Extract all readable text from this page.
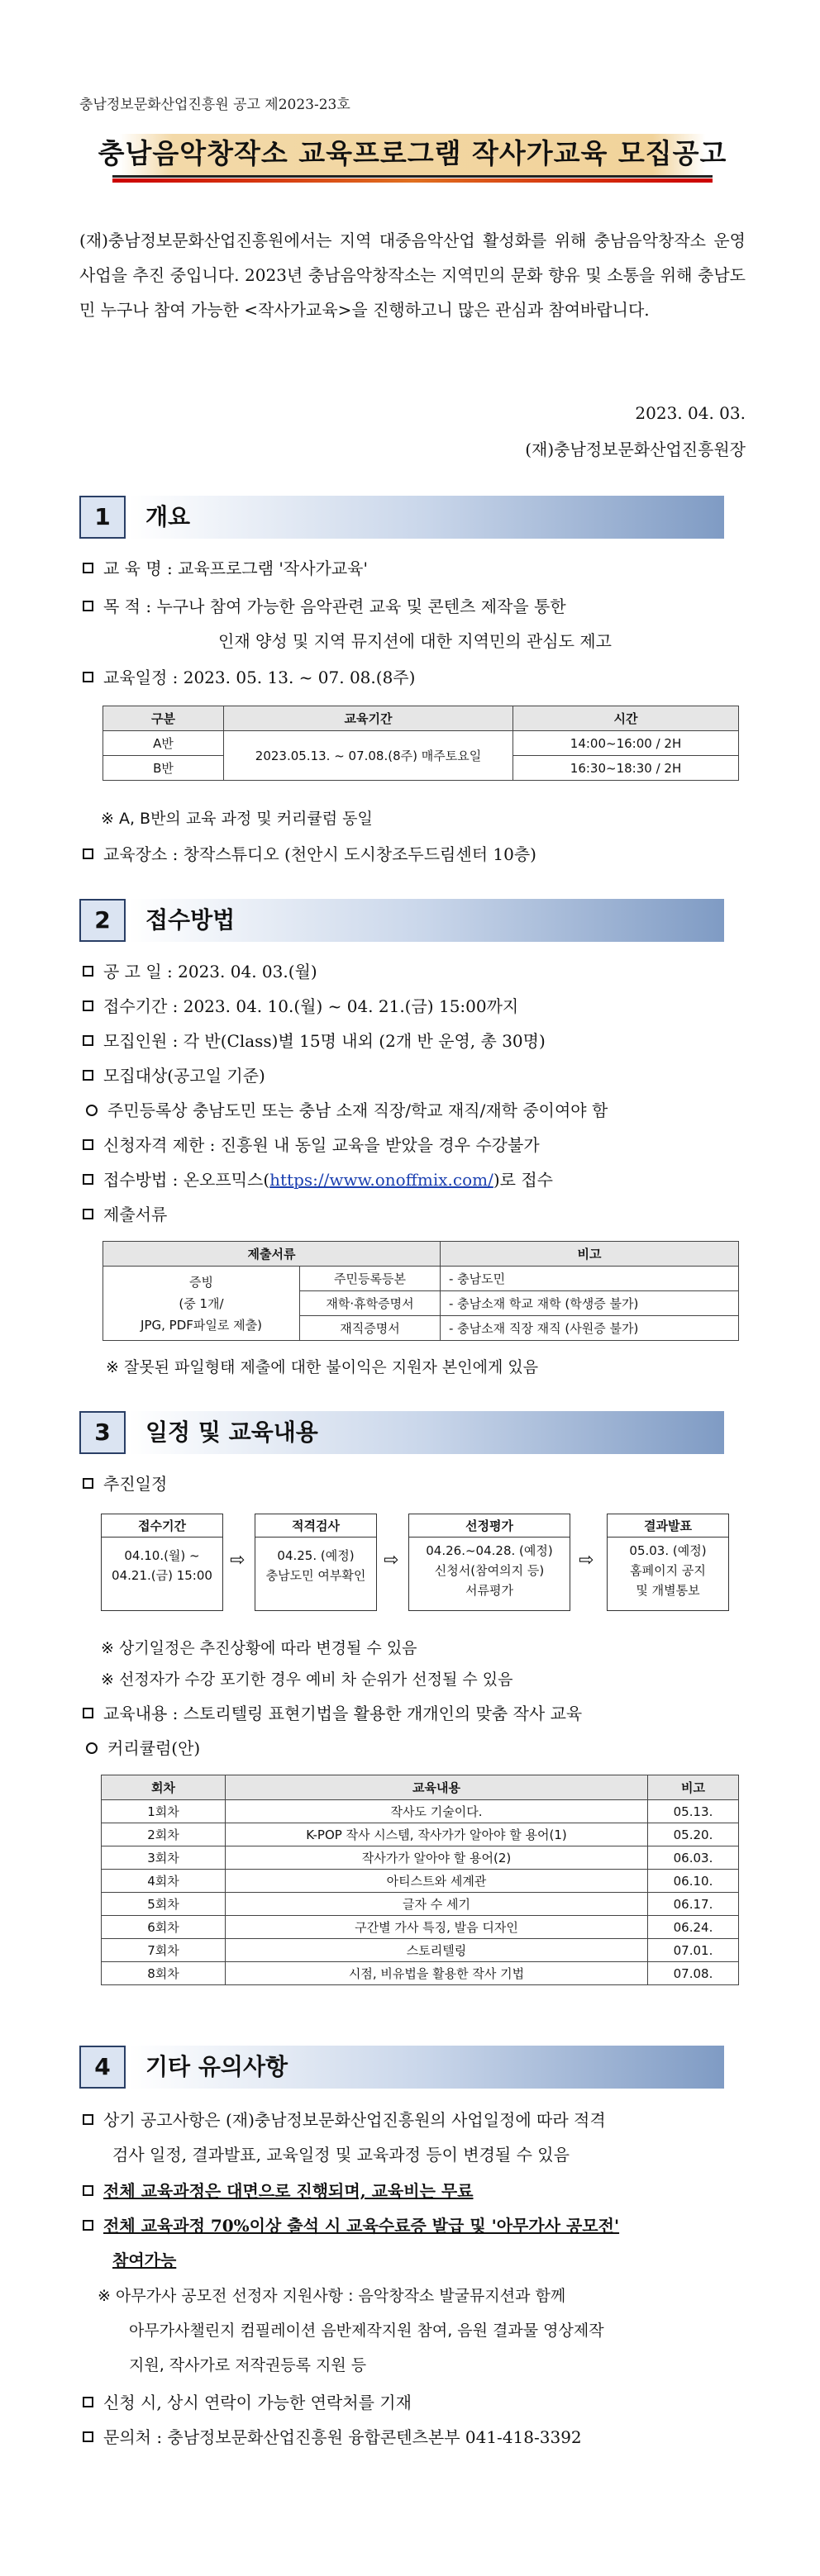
충남정보문화산업진흥원 공고 제2023-23호
충남음악창작소 교육프로그램 작사가교육 모집공고
(재)충남정보문화산업진흥원에서는 지역 대중음악산업 활성화를 위해 충남음악창작소 운영 사업을 추진 중입니다. 2023년 충남음악창작소는 지역민의 문화 향유 및 소통을 위해 충남도민 누구나 참여 가능한 <작사가교육>을 진행하고니 많은 관심과 참여바랍니다.
2023. 04. 03.
(재)충남정보문화산업진흥원장
1	개요
교 육 명 : 교육프로그램 '작사가교육'
목 적 : 누구나 참여 가능한 음악관련 교육 및 콘텐츠 제작을 통한
인재 양성 및 지역 뮤지션에 대한 지역민의 관심도 제고
교육일정 : 2023. 05. 13. ~ 07. 08.(8주)
구분	교육기간	시간
A반	2023.05.13. ~ 07.08.(8주) 매주토요일	14:00~16:00 / 2H
B반		16:30~18:30 / 2H
※ A, B반의 교육 과정 및 커리큘럼 동일
교육장소 : 창작스튜디오 (천안시 도시창조두드림센터 10층)
2	접수방법
공 고 일 : 2023. 04. 03.(월)
접수기간 : 2023. 04. 10.(월) ~ 04. 21.(금) 15:00까지
모집인원 : 각 반(Class)별 15명 내외 (2개 반 운영, 총 30명)
모집대상(공고일 기준)
주민등록상 충남도민 또는 충남 소재 직장/학교 재직/재학 중이여야 함
신청자격 제한 : 진흥원 내 동일 교육을 받았을 경우 수강불가
접수방법 : 온오프믹스(https://www.onoffmix.com/)로 접수
제출서류
제출서류		비고

증빙
(중 1개/
JPG, PDF파일로 제출)	주민등록등본	- 충남도민
	재학·휴학증명서	- 충남소재 학교 재학 (학생증 불가)
	재직증명서	- 충남소재 직장 재직 (사원증 불가)
※ 잘못된 파일형태 제출에 대한 불이익은 지원자 본인에게 있음
3	일정 및 교육내용
추진일정
접수기간
04.10.(월) ~
04.21.(금) 15:00
⇨
적격검사
04.25. (예정)
충남도민 여부확인
⇨
선정평가
04.26.~04.28. (예정)
신청서(참여의지 등)
서류평가
⇨
결과발표
05.03. (예정)
홈페이지 공지
및 개별통보
※ 상기일정은 추진상황에 따라 변경될 수 있음
※ 선정자가 수강 포기한 경우 예비 차 순위가 선정될 수 있음
교육내용 : 스토리텔링 표현기법을 활용한 개개인의 맞춤 작사 교육
커리큘럼(안)
회차	교육내용	비고
1회차	작사도 기술이다.	05.13.
2회차	K-POP 작사 시스템, 작사가가 알아야 할 용어(1)	05.20.
3회차	작사가가 알아야 할 용어(2)	06.03.
4회차	아티스트와 세계관	06.10.
5회차	글자 수 세기	06.17.
6회차	구간별 가사 특징, 발음 디자인	06.24.
7회차	스토리텔링	07.01.
8회차	시점, 비유법을 활용한 작사 기법	07.08.
4	기타 유의사항
상기 공고사항은 (재)충남정보문화산업진흥원의 사업일정에 따라 적격
검사 일정, 결과발표, 교육일정 및 교육과정 등이 변경될 수 있음
전체 교육과정은 대면으로 진행되며, 교육비는 무료
전체 교육과정 70%이상 출석 시 교육수료증 발급 및 '아무가사 공모전'
참여가능
※ 아무가사 공모전 선정자 지원사항 : 음악창작소 발굴뮤지션과 함께
아무가사챌린지 컴필레이션 음반제작지원 참여, 음원 결과물 영상제작
지원, 작사가로 저작권등록 지원 등
신청 시, 상시 연락이 가능한 연락처를 기재
문의처 : 충남정보문화산업진흥원 융합콘텐츠본부 041-418-3392
